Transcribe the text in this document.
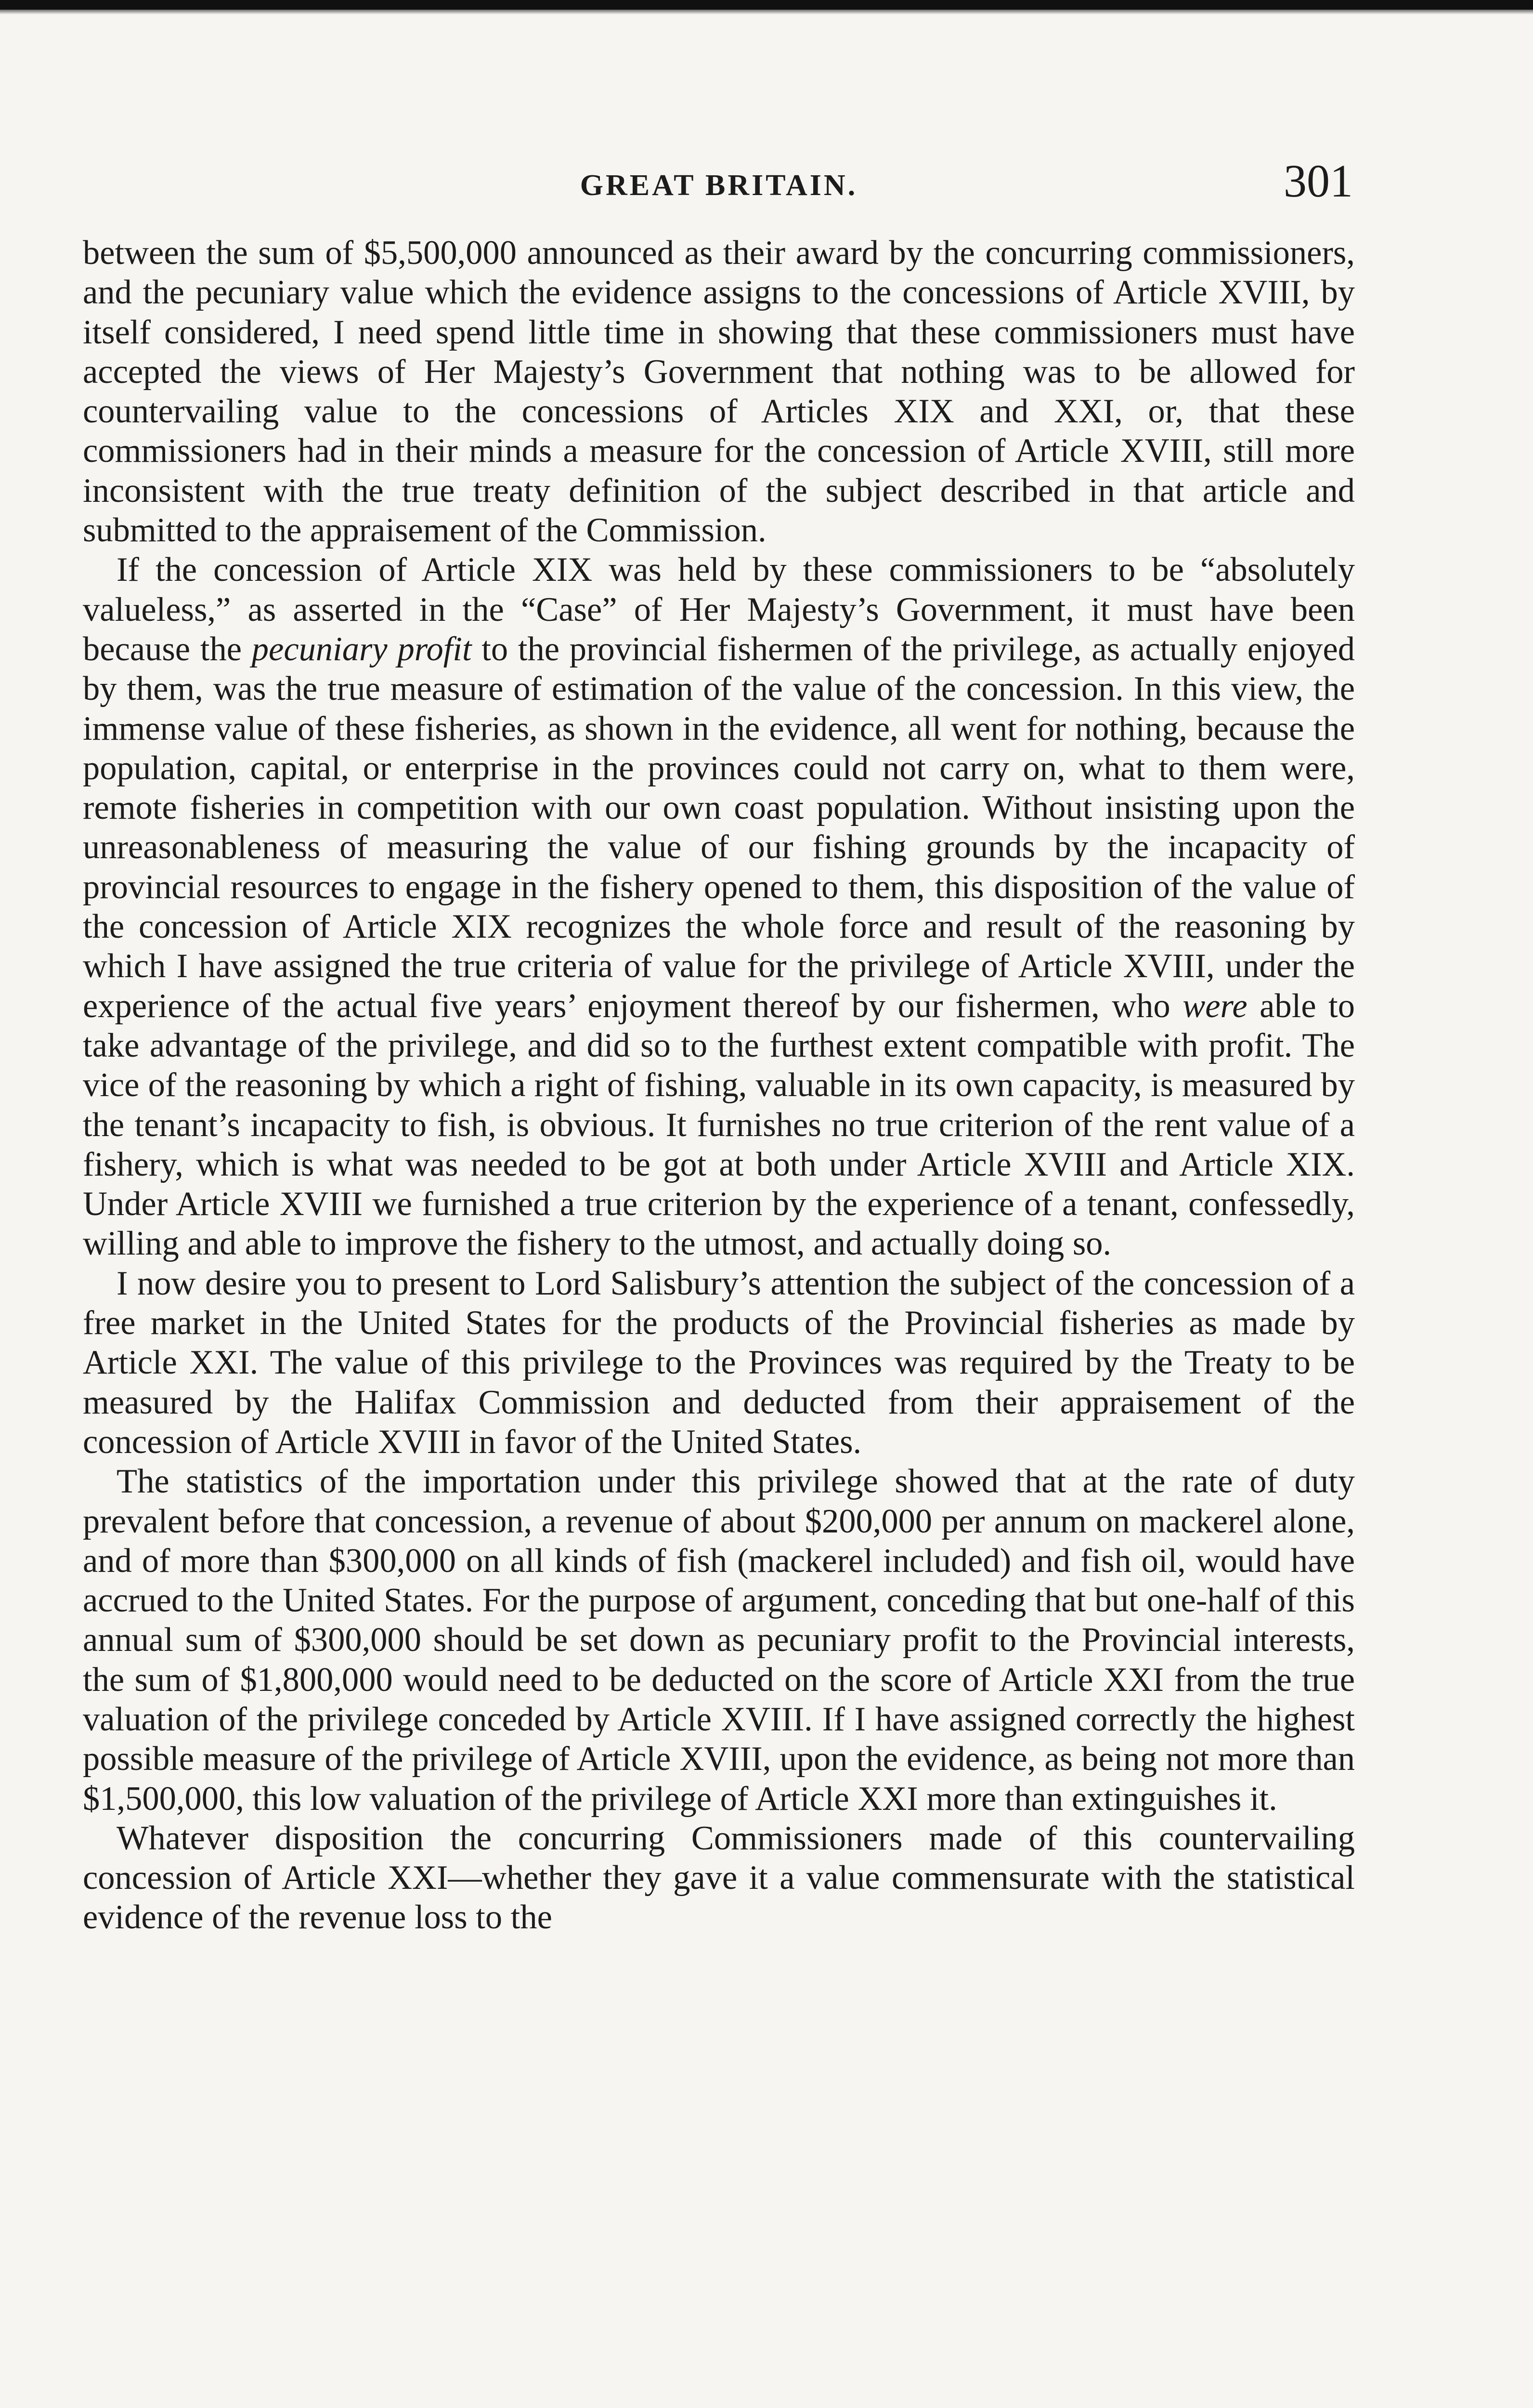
GREAT BRITAIN.	301

between the sum of $5,500,000 announced as their award by the concurring commissioners, and the pecuniary value which the evidence assigns to the concessions of Article XVIII, by itself considered, I need spend little time in showing that these commissioners must have accepted the views of Her Majesty’s Government that nothing was to be allowed for countervailing value to the concessions of Articles XIX and XXI, or, that these commissioners had in their minds a measure for the concession of Article XVIII, still more inconsistent with the true treaty definition of the subject described in that article and submitted to the appraisement of the Commission.

If the concession of Article XIX was held by these commissioners to be “absolutely valueless,” as asserted in the “Case” of Her Majesty’s Government, it must have been because the pecuniary profit to the provincial fishermen of the privilege, as actually enjoyed by them, was the true measure of estimation of the value of the concession. In this view, the immense value of these fisheries, as shown in the evidence, all went for nothing, because the population, capital, or enterprise in the provinces could not carry on, what to them were, remote fisheries in competition with our own coast population. Without insisting upon the unreasonableness of measuring the value of our fishing grounds by the incapacity of provincial resources to engage in the fishery opened to them, this disposition of the value of the concession of Article XIX recognizes the whole force and result of the reasoning by which I have assigned the true criteria of value for the privilege of Article XVIII, under the experience of the actual five years’ enjoyment thereof by our fishermen, who were able to take advantage of the privilege, and did so to the furthest extent compatible with profit. The vice of the reasoning by which a right of fishing, valuable in its own capacity, is measured by the tenant’s incapacity to fish, is obvious. It furnishes no true criterion of the rent value of a fishery, which is what was needed to be got at both under Article XVIII and Article XIX. Under Article XVIII we furnished a true criterion by the experience of a tenant, confessedly, willing and able to improve the fishery to the utmost, and actually doing so.

I now desire you to present to Lord Salisbury’s attention the subject of the concession of a free market in the United States for the products of the Provincial fisheries as made by Article XXI. The value of this privilege to the Provinces was required by the Treaty to be measured by the Halifax Commission and deducted from their appraisement of the concession of Article XVIII in favor of the United States.

The statistics of the importation under this privilege showed that at the rate of duty prevalent before that concession, a revenue of about $200,000 per annum on mackerel alone, and of more than $300,000 on all kinds of fish (mackerel included) and fish oil, would have accrued to the United States. For the purpose of argument, conceding that but one-half of this annual sum of $300,000 should be set down as pecuniary profit to the Provincial interests, the sum of $1,800,000 would need to be deducted on the score of Article XXI from the true valuation of the privilege conceded by Article XVIII. If I have assigned correctly the highest possible measure of the privilege of Article XVIII, upon the evidence, as being not more than $1,500,000, this low valuation of the privilege of Article XXI more than extinguishes it.

Whatever disposition the concurring Commissioners made of this countervailing concession of Article XXI—whether they gave it a value commensurate with the statistical evidence of the revenue loss to the
